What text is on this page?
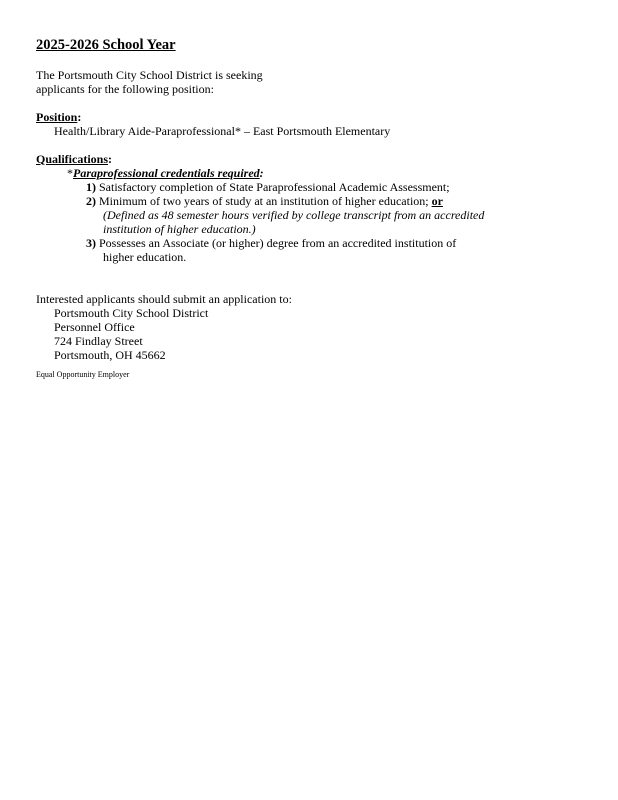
2025-2026 School Year
The Portsmouth City School District is seeking
applicants for the following position:
Position:
Health/Library Aide-Paraprofessional* – East Portsmouth Elementary
Qualifications:
*Paraprofessional credentials required:
1) Satisfactory completion of State Paraprofessional Academic Assessment;
2) Minimum of two years of study at an institution of higher education; or
(Defined as 48 semester hours verified by college transcript from an accredited
institution of higher education.)
3) Possesses an Associate (or higher) degree from an accredited institution of
higher education.
Interested applicants should submit an application to:
Portsmouth City School District
Personnel Office
724 Findlay Street
Portsmouth, OH 45662
Equal Opportunity Employer
